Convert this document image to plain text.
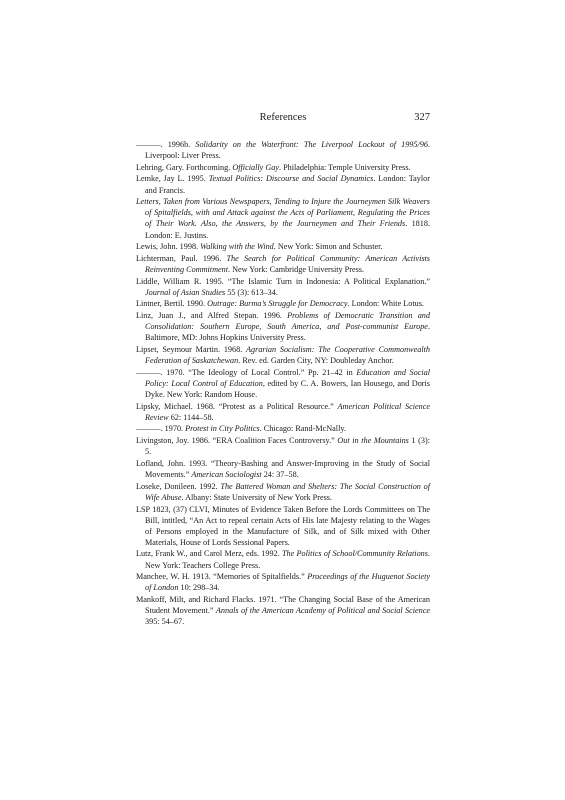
References	327

———. 1996b. Solidarity on the Waterfront: The Liverpool Lockout of 1995/96. Liverpool: Liver Press.

Lehring, Gary. Forthcoming. Officially Gay. Philadelphia: Temple University Press.

Lemke, Jay L. 1995. Textual Politics: Discourse and Social Dynamics. London: Taylor and Francis.

Letters, Taken from Various Newspapers, Tending to Injure the Journeymen Silk Weavers of Spitalfields, with and Attack against the Acts of Parliament, Regulating the Prices of Their Work. Also, the Answers, by the Journeymen and Their Friends. 1818. London: E. Justins.

Lewis, John. 1998. Walking with the Wind. New York: Simon and Schuster.

Lichterman, Paul. 1996. The Search for Political Community: American Activists Reinventing Commitment. New York: Cambridge University Press.

Liddle, William R. 1995. “The Islamic Turn in Indonesia: A Political Explanation.” Journal of Asian Studies 55 (3): 613–34.

Lintner, Bertil. 1990. Outrage: Burma’s Struggle for Democracy. London: White Lotus.

Linz, Juan J., and Alfred Stepan. 1996. Problems of Democratic Transition and Consolidation: Southern Europe, South America, and Post-communist Europe. Baltimore, MD: Johns Hopkins University Press.

Lipset, Seymour Martin. 1968. Agrarian Socialism: The Cooperative Commonwealth Federation of Saskatchewan. Rev. ed. Garden City, NY: Doubleday Anchor.

———. 1970. “The Ideology of Local Control.” Pp. 21–42 in Education and Social Policy: Local Control of Education, edited by C. A. Bowers, Ian Housego, and Doris Dyke. New York: Random House.

Lipsky, Michael. 1968. “Protest as a Political Resource.” American Political Science Review 62: 1144–58.

———. 1970. Protest in City Politics. Chicago: Rand-McNally.

Livingston, Joy. 1986. “ERA Coalition Faces Controversy.” Out in the Mountains 1 (3): 5.

Lofland, John. 1993. “Theory-Bashing and Answer-Improving in the Study of Social Movements.” American Sociologist 24: 37–58.

Loseke, Donileen. 1992. The Battered Woman and Shelters: The Social Construction of Wife Abuse. Albany: State University of New York Press.

LSP 1823, (37) CLVI, Minutes of Evidence Taken Before the Lords Committees on The Bill, intitled, “An Act to repeal certain Acts of His late Majesty relating to the Wages of Persons employed in the Manufacture of Silk, and of Silk mixed with Other Materials, House of Lords Sessional Papers.

Lutz, Frank W., and Carol Merz, eds. 1992. The Politics of School/Community Relations. New York: Teachers College Press.

Manchee, W. H. 1913. “Memories of Spitalfields.” Proceedings of the Huguenot Society of London 10: 298–34.

Mankoff, Milt, and Richard Flacks. 1971. “The Changing Social Base of the American Student Movement.” Annals of the American Academy of Political and Social Science 395: 54–67.
